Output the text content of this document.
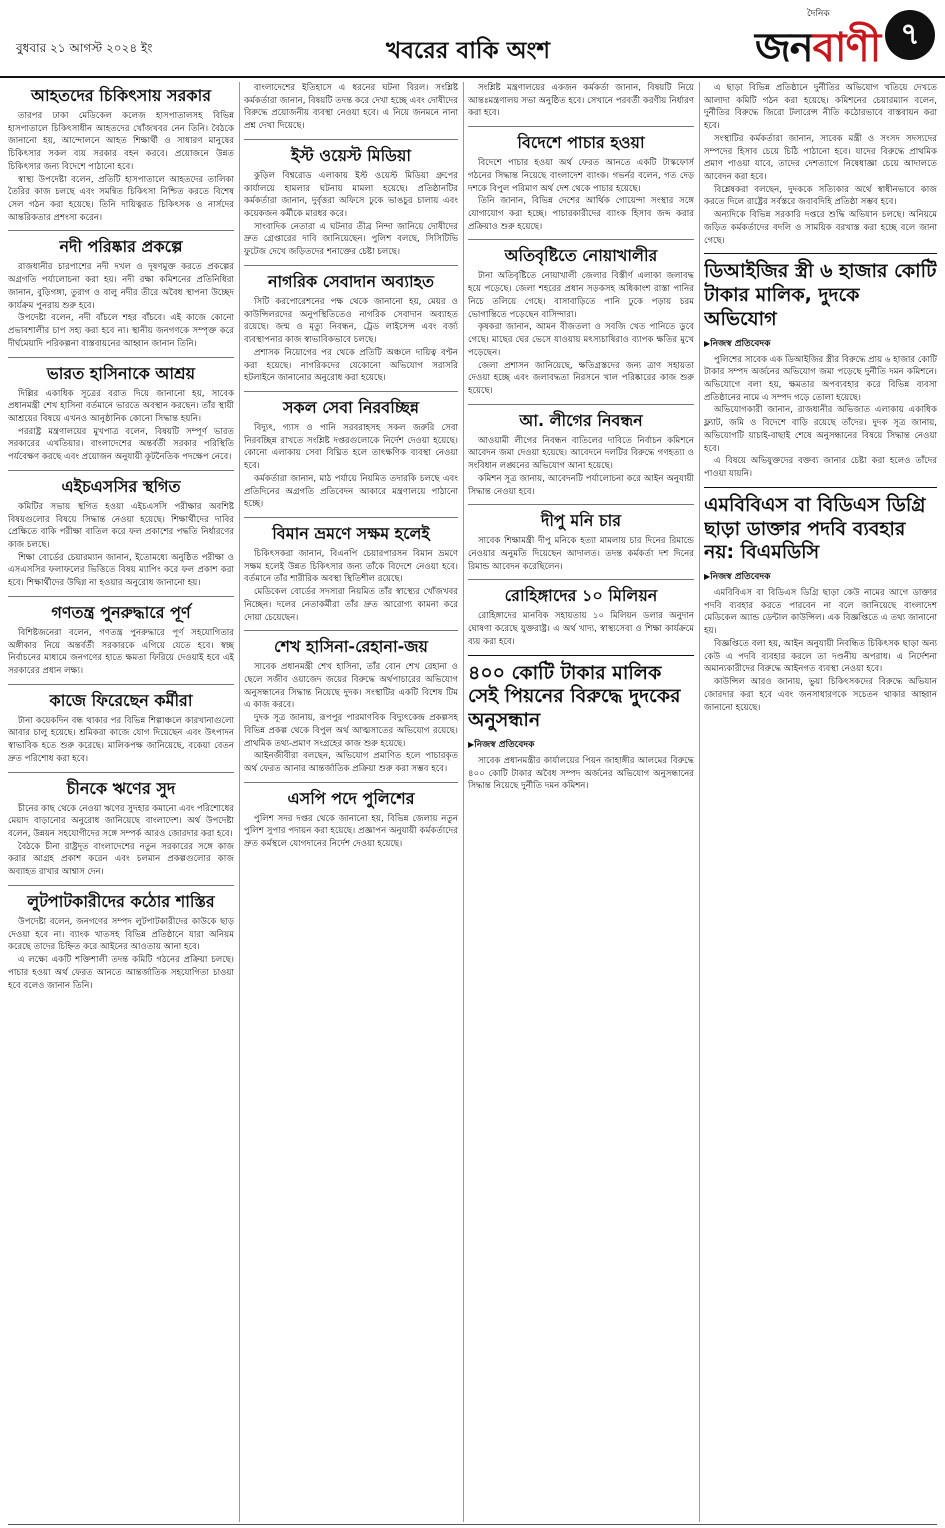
বুধবার ২১ আগস্ট ২০২৪ ইং	খবরের বাকি অংশ
দৈনিক
জনবাণী ৭
আহতদের চিকিৎসায় সরকার

তারপর ঢাকা মেডিকেল কলেজ হাসপাতালসহ বিভিন্ন হাসপাতালে চিকিৎসাধীন আহতদের খোঁজখবর নেন তিনি। বৈঠকে জানানো হয়, আন্দোলনে আহত শিক্ষার্থী ও সাধারণ মানুষের চিকিৎসার সকল ব্যয় সরকার বহন করবে। প্রয়োজনে উন্নত চিকিৎসার জন্য বিদেশে পাঠানো হবে।

স্বাস্থ্য উপদেষ্টা বলেন, প্রতিটি হাসপাতালে আহতদের তালিকা তৈরির কাজ চলছে এবং সমন্বিত চিকিৎসা নিশ্চিত করতে বিশেষ সেল গঠন করা হয়েছে। তিনি দায়িত্বরত চিকিৎসক ও নার্সদের আন্তরিকতার প্রশংসা করেন।

নদী পরিষ্কার প্রকল্পে

রাজধানীর চারপাশের নদী দখল ও দূষণমুক্ত করতে প্রকল্পের অগ্রগতি পর্যালোচনা করা হয়। নদী রক্ষা কমিশনের প্রতিনিধিরা জানান, বুড়িগঙ্গা, তুরাগ ও বালু নদীর তীরে অবৈধ স্থাপনা উচ্ছেদ কার্যক্রম পুনরায় শুরু হবে।

উপদেষ্টা বলেন, নদী বাঁচলে শহর বাঁচবে। এই কাজে কোনো প্রভাবশালীর চাপ সহ্য করা হবে না। স্থানীয় জনগণকে সম্পৃক্ত করে দীর্ঘমেয়াদি পরিকল্পনা বাস্তবায়নের আহ্বান জানান তিনি।

ভারত হাসিনাকে আশ্রয়

দিল্লির একাধিক সূত্রের বরাত দিয়ে জানানো হয়, সাবেক প্রধানমন্ত্রী শেখ হাসিনা বর্তমানে ভারতে অবস্থান করছেন। তাঁর স্থায়ী আশ্রয়ের বিষয়ে এখনও আনুষ্ঠানিক কোনো সিদ্ধান্ত হয়নি।

পররাষ্ট্র মন্ত্রণালয়ের মুখপাত্র বলেন, বিষয়টি সম্পূর্ণ ভারত সরকারের এখতিয়ার। বাংলাদেশের অন্তর্বর্তী সরকার পরিস্থিতি পর্যবেক্ষণ করছে এবং প্রয়োজন অনুযায়ী কূটনৈতিক পদক্ষেপ নেবে।

এইচএসসির স্থগিত

কমিটির সভায় স্থগিত হওয়া এইচএসসি পরীক্ষার অবশিষ্ট বিষয়গুলোর বিষয়ে সিদ্ধান্ত নেওয়া হয়েছে। শিক্ষার্থীদের দাবির প্রেক্ষিতে বাকি পরীক্ষা বাতিল করে ফল প্রকাশের পদ্ধতি নির্ধারণের কাজ চলছে।

শিক্ষা বোর্ডের চেয়ারম্যান জানান, ইতোমধ্যে অনুষ্ঠিত পরীক্ষা ও এসএসসির ফলাফলের ভিত্তিতে বিষয় ম্যাপিং করে ফল প্রকাশ করা হবে। শিক্ষার্থীদের উদ্বিগ্ন না হওয়ার অনুরোধ জানানো হয়।

গণতন্ত্র পুনরুদ্ধারে পূর্ণ

বিশিষ্টজনেরা বলেন, গণতন্ত্র পুনরুদ্ধারে পূর্ণ সহযোগিতার অঙ্গীকার নিয়ে অন্তর্বর্তী সরকারকে এগিয়ে যেতে হবে। স্বচ্ছ নির্বাচনের মাধ্যমে জনগণের হাতে ক্ষমতা ফিরিয়ে দেওয়াই হবে এই সরকারের প্রধান লক্ষ্য।

কাজে ফিরেছেন কর্মীরা

টানা কয়েকদিন বন্ধ থাকার পর বিভিন্ন শিল্পাঞ্চলে কারখানাগুলো আবার চালু হয়েছে। শ্রমিকরা কাজে যোগ দিয়েছেন এবং উৎপাদন স্বাভাবিক হতে শুরু করেছে। মালিকপক্ষ জানিয়েছে, বকেয়া বেতন দ্রুত পরিশোধ করা হবে।

চীনকে ঋণের সুদ

চীনের কাছ থেকে নেওয়া ঋণের সুদহার কমানো এবং পরিশোধের মেয়াদ বাড়ানোর অনুরোধ জানিয়েছে বাংলাদেশ। অর্থ উপদেষ্টা বলেন, উন্নয়ন সহযোগীদের সঙ্গে সম্পর্ক আরও জোরদার করা হবে।

বৈঠকে চীনা রাষ্ট্রদূত বাংলাদেশের নতুন সরকারের সঙ্গে কাজ করার আগ্রহ প্রকাশ করেন এবং চলমান প্রকল্পগুলোর কাজ অব্যাহত রাখার আশ্বাস দেন।

লুটপাটকারীদের কঠোর শাস্তির

উপদেষ্টা বলেন, জনগণের সম্পদ লুটপাটকারীদের কাউকে ছাড় দেওয়া হবে না। ব্যাংক খাতসহ বিভিন্ন প্রতিষ্ঠানে যারা অনিয়ম করেছে তাদের চিহ্নিত করে আইনের আওতায় আনা হবে।

এ লক্ষ্যে একটি শক্তিশালী তদন্ত কমিটি গঠনের প্রক্রিয়া চলছে। পাচার হওয়া অর্থ ফেরত আনতে আন্তর্জাতিক সহযোগিতা চাওয়া হবে বলেও জানান তিনি।

বাংলাদেশের ইতিহাসে এ ধরনের ঘটনা বিরল। সংশ্লিষ্ট কর্মকর্তারা জানান, বিষয়টি তদন্ত করে দেখা হচ্ছে এবং দোষীদের বিরুদ্ধে প্রয়োজনীয় ব্যবস্থা নেওয়া হবে। এ নিয়ে জনমনে নানা প্রশ্ন দেখা দিয়েছে।

ইস্ট ওয়েস্ট মিডিয়া

কুড়িল বিশ্বরোড এলাকায় ইস্ট ওয়েস্ট মিডিয়া গ্রুপের কার্যালয়ে হামলার ঘটনায় মামলা হয়েছে। প্রতিষ্ঠানটির কর্মকর্তারা জানান, দুর্বৃত্তরা অফিসে ঢুকে ভাঙচুর চালায় এবং কয়েকজন কর্মীকে মারধর করে।

সাংবাদিক নেতারা এ ঘটনার তীব্র নিন্দা জানিয়ে দোষীদের দ্রুত গ্রেপ্তারের দাবি জানিয়েছেন। পুলিশ বলছে, সিসিটিভি ফুটেজ দেখে জড়িতদের শনাক্তের চেষ্টা চলছে।

নাগরিক সেবাদান অব্যাহত

সিটি করপোরেশনের পক্ষ থেকে জানানো হয়, মেয়র ও কাউন্সিলরদের অনুপস্থিতিতেও নাগরিক সেবাদান অব্যাহত রয়েছে। জন্ম ও মৃত্যু নিবন্ধন, ট্রেড লাইসেন্স এবং বর্জ্য ব্যবস্থাপনার কাজ স্বাভাবিকভাবে চলছে।

প্রশাসক নিয়োগের পর থেকে প্রতিটি অঞ্চলে দায়িত্ব বণ্টন করা হয়েছে। নাগরিকদের যেকোনো অভিযোগ সরাসরি হটলাইনে জানানোর অনুরোধ করা হয়েছে।

সকল সেবা নিরবচ্ছিন্ন

বিদ্যুৎ, গ্যাস ও পানি সরবরাহসহ সকল জরুরি সেবা নিরবচ্ছিন্ন রাখতে সংশ্লিষ্ট দপ্তরগুলোকে নির্দেশ দেওয়া হয়েছে। কোনো এলাকায় সেবা বিঘ্নিত হলে তাৎক্ষণিক ব্যবস্থা নেওয়া হবে।

কর্মকর্তারা জানান, মাঠ পর্যায়ে নিয়মিত তদারকি চলছে এবং প্রতিদিনের অগ্রগতি প্রতিবেদন আকারে মন্ত্রণালয়ে পাঠানো হচ্ছে।

বিমান ভ্রমণে সক্ষম হলেই

চিকিৎসকরা জানান, বিএনপি চেয়ারপারসন বিমান ভ্রমণে সক্ষম হলেই উন্নত চিকিৎসার জন্য তাঁকে বিদেশে নেওয়া হবে। বর্তমানে তাঁর শারীরিক অবস্থা স্থিতিশীল রয়েছে।

মেডিকেল বোর্ডের সদস্যরা নিয়মিত তাঁর স্বাস্থ্যের খোঁজখবর নিচ্ছেন। দলের নেতাকর্মীরা তাঁর দ্রুত আরোগ্য কামনা করে দোয়া চেয়েছেন।

শেখ হাসিনা-রেহানা-জয়

সাবেক প্রধানমন্ত্রী শেখ হাসিনা, তাঁর বোন শেখ রেহানা ও ছেলে সজীব ওয়াজেদ জয়ের বিরুদ্ধে অর্থপাচারের অভিযোগ অনুসন্ধানের সিদ্ধান্ত নিয়েছে দুদক। সংস্থাটির একটি বিশেষ টিম এ কাজ করবে।

দুদক সূত্র জানায়, রূপপুর পারমাণবিক বিদ্যুৎকেন্দ্র প্রকল্পসহ বিভিন্ন প্রকল্প থেকে বিপুল অর্থ আত্মসাতের অভিযোগ রয়েছে। প্রাথমিক তথ্য-প্রমাণ সংগ্রহের কাজ শুরু হয়েছে।

আইনজীবীরা বলছেন, অভিযোগ প্রমাণিত হলে পাচারকৃত অর্থ ফেরত আনার আন্তর্জাতিক প্রক্রিয়া শুরু করা সম্ভব হবে।

এসপি পদে পুলিশের

পুলিশ সদর দপ্তর থেকে জানানো হয়, বিভিন্ন জেলায় নতুন পুলিশ সুপার পদায়ন করা হয়েছে। প্রজ্ঞাপন অনুযায়ী কর্মকর্তাদের দ্রুত কর্মস্থলে যোগদানের নির্দেশ দেওয়া হয়েছে।

সংশ্লিষ্ট মন্ত্রণালয়ের একজন কর্মকর্তা জানান, বিষয়টি নিয়ে আন্তঃমন্ত্রণালয় সভা অনুষ্ঠিত হবে। সেখানে পরবর্তী করণীয় নির্ধারণ করা হবে।

বিদেশে পাচার হওয়া

বিদেশে পাচার হওয়া অর্থ ফেরত আনতে একটি টাস্কফোর্স গঠনের সিদ্ধান্ত নিয়েছে বাংলাদেশ ব্যাংক। গভর্নর বলেন, গত দেড় দশকে বিপুল পরিমাণ অর্থ দেশ থেকে পাচার হয়েছে।

তিনি জানান, বিভিন্ন দেশের আর্থিক গোয়েন্দা সংস্থার সঙ্গে যোগাযোগ করা হচ্ছে। পাচারকারীদের ব্যাংক হিসাব জব্দ করার প্রক্রিয়াও শুরু হয়েছে।

অতিবৃষ্টিতে নোয়াখালীর

টানা অতিবৃষ্টিতে নোয়াখালী জেলার বিস্তীর্ণ এলাকা জলাবদ্ধ হয়ে পড়েছে। জেলা শহরের প্রধান সড়কসহ অধিকাংশ রাস্তা পানির নিচে তলিয়ে গেছে। বাসাবাড়িতে পানি ঢুকে পড়ায় চরম ভোগান্তিতে পড়েছেন বাসিন্দারা।

কৃষকরা জানান, আমন বীজতলা ও সবজি খেত পানিতে ডুবে গেছে। মাছের ঘের ভেসে যাওয়ায় মৎস্যচাষিরাও ব্যাপক ক্ষতির মুখে পড়েছেন।

জেলা প্রশাসন জানিয়েছে, ক্ষতিগ্রস্তদের জন্য ত্রাণ সহায়তা দেওয়া হচ্ছে এবং জলাবদ্ধতা নিরসনে খাল পরিষ্কারের কাজ শুরু হয়েছে।

আ. লীগের নিবন্ধন

আওয়ামী লীগের নিবন্ধন বাতিলের দাবিতে নির্বাচন কমিশনে আবেদন জমা দেওয়া হয়েছে। আবেদনে দলটির বিরুদ্ধে গণহত্যা ও সংবিধান লঙ্ঘনের অভিযোগ আনা হয়েছে।

কমিশন সূত্র জানায়, আবেদনটি পর্যালোচনা করে আইন অনুযায়ী সিদ্ধান্ত নেওয়া হবে।

দীপু মনি চার

সাবেক শিক্ষামন্ত্রী দীপু মনিকে হত্যা মামলায় চার দিনের রিমান্ডে নেওয়ার অনুমতি দিয়েছেন আদালত। তদন্ত কর্মকর্তা দশ দিনের রিমান্ড আবেদন করেছিলেন।

রোহিঙ্গাদের ১০ মিলিয়ন

রোহিঙ্গাদের মানবিক সহায়তায় ১০ মিলিয়ন ডলার অনুদান ঘোষণা করেছে যুক্তরাষ্ট্র। এ অর্থ খাদ্য, স্বাস্থ্যসেবা ও শিক্ষা কার্যক্রমে ব্যয় করা হবে।

৪০০ কোটি টাকার মালিক সেই পিয়নের বিরুদ্ধে দুদকের অনুসন্ধান
▶ নিজস্ব প্রতিবেদক

সাবেক প্রধানমন্ত্রীর কার্যালয়ের পিয়ন জাহাঙ্গীর আলমের বিরুদ্ধে ৪০০ কোটি টাকার অবৈধ সম্পদ অর্জনের অভিযোগ অনুসন্ধানের সিদ্ধান্ত নিয়েছে দুর্নীতি দমন কমিশন।

এ ছাড়া বিভিন্ন প্রতিষ্ঠানে দুর্নীতির অভিযোগ খতিয়ে দেখতে আলাদা কমিটি গঠন করা হয়েছে। কমিশনের চেয়ারম্যান বলেন, দুর্নীতির বিরুদ্ধে জিরো টলারেন্স নীতি কঠোরভাবে বাস্তবায়ন করা হবে।

সংস্থাটির কর্মকর্তারা জানান, সাবেক মন্ত্রী ও সংসদ সদস্যদের সম্পদের হিসাব চেয়ে চিঠি পাঠানো হবে। যাদের বিরুদ্ধে প্রাথমিক প্রমাণ পাওয়া যাবে, তাদের দেশত্যাগে নিষেধাজ্ঞা চেয়ে আদালতে আবেদন করা হবে।

বিশ্লেষকরা বলছেন, দুদককে সত্যিকার অর্থে স্বাধীনভাবে কাজ করতে দিলে রাষ্ট্রের সর্বস্তরে জবাবদিহি প্রতিষ্ঠা সম্ভব হবে।

অন্যদিকে বিভিন্ন সরকারি দপ্তরে শুদ্ধি অভিযান চলছে। অনিয়মে জড়িত কর্মকর্তাদের বদলি ও সাময়িক বরখাস্ত করা হচ্ছে বলে জানা গেছে।

ডিআইজির স্ত্রী ৬ হাজার কোটি টাকার মালিক, দুদকে অভিযোগ
▶ নিজস্ব প্রতিবেদক

পুলিশের সাবেক এক ডিআইজির স্ত্রীর বিরুদ্ধে প্রায় ৬ হাজার কোটি টাকার সম্পদ অর্জনের অভিযোগ জমা পড়েছে দুর্নীতি দমন কমিশনে। অভিযোগে বলা হয়, ক্ষমতার অপব্যবহার করে বিভিন্ন ব্যবসা প্রতিষ্ঠানের নামে এ সম্পদ গড়ে তোলা হয়েছে।

অভিযোগকারী জানান, রাজধানীর অভিজাত এলাকায় একাধিক ফ্ল্যাট, জমি ও বিদেশে বাড়ি রয়েছে তাঁদের। দুদক সূত্র জানায়, অভিযোগটি যাচাই-বাছাই শেষে অনুসন্ধানের বিষয়ে সিদ্ধান্ত নেওয়া হবে।

এ বিষয়ে অভিযুক্তদের বক্তব্য জানার চেষ্টা করা হলেও তাঁদের পাওয়া যায়নি।

এমবিবিএস বা বিডিএস ডিগ্রি ছাড়া ডাক্তার পদবি ব্যবহার নয়: বিএমডিসি
▶ নিজস্ব প্রতিবেদক

এমবিবিএস বা বিডিএস ডিগ্রি ছাড়া কেউ নামের আগে ডাক্তার পদবি ব্যবহার করতে পারবেন না বলে জানিয়েছে বাংলাদেশ মেডিকেল অ্যান্ড ডেন্টাল কাউন্সিল। এক বিজ্ঞপ্তিতে এ তথ্য জানানো হয়।

বিজ্ঞপ্তিতে বলা হয়, আইন অনুযায়ী নিবন্ধিত চিকিৎসক ছাড়া অন্য কেউ এ পদবি ব্যবহার করলে তা দণ্ডনীয় অপরাধ। এ নির্দেশনা অমান্যকারীদের বিরুদ্ধে আইনগত ব্যবস্থা নেওয়া হবে।

কাউন্সিল আরও জানায়, ভুয়া চিকিৎসকদের বিরুদ্ধে অভিযান জোরদার করা হবে এবং জনসাধারণকে সচেতন থাকার আহ্বান জানানো হয়েছে।
